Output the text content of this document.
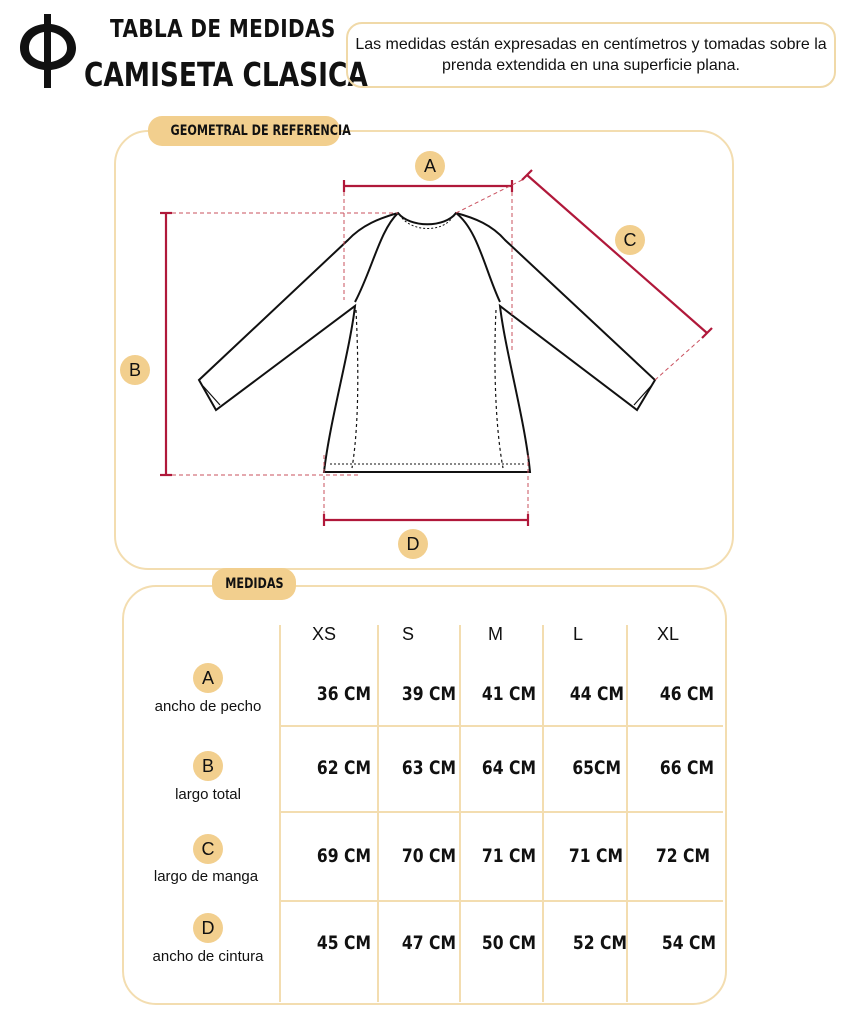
TABLA DE MEDIDAS
CAMISETA CLASICA
Las medidas están expresadas en centímetros y tomadas sobre la prenda extendida en una superficie plana.
GEOMETRAL DE REFERENCIA
A
B
C
D
MEDIDAS
XS	S	M	L	XL
A
ancho de pecho
36 CM	39 CM	41 CM	44 CM	46 CM
B
largo total
62 CM	63 CM	64 CM	65CM	66 CM
C
largo de manga
69 CM	70 CM	71 CM	71 CM	72 CM
D
ancho de cintura
45 CM	47 CM	50 CM	52 CM	54 CM
